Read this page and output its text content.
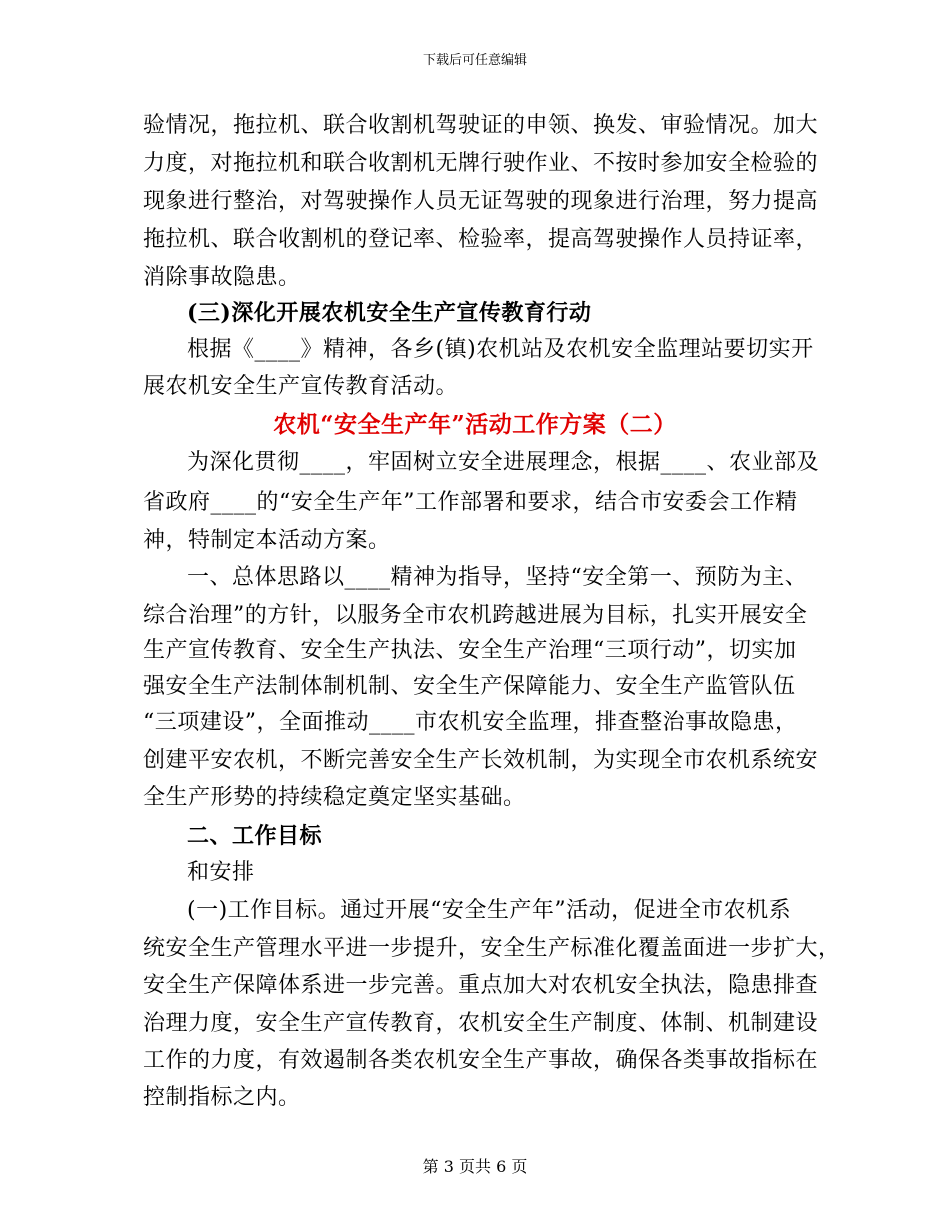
下载后可任意编辑
验情况，拖拉机、联合收割机驾驶证的申领、换发、审验情况。加大
力度，对拖拉机和联合收割机无牌行驶作业、不按时参加安全检验的
现象进行整治，对驾驶操作人员无证驾驶的现象进行治理，努力提高
拖拉机、联合收割机的登记率、检验率，提高驾驶操作人员持证率，
消除事故隐患。
(三)深化开展农机安全生产宣传教育行动
根据《____》精神，各乡(镇)农机站及农机安全监理站要切实开
展农机安全生产宣传教育活动。
农机“安全生产年”活动工作方案（二）
为深化贯彻____，牢固树立安全进展理念，根据____、农业部及
省政府____的“安全生产年”工作部署和要求，结合市安委会工作精
神，特制定本活动方案。
一、总体思路以____精神为指导，坚持“安全第一、预防为主、
综合治理”的方针，以服务全市农机跨越进展为目标，扎实开展安全
生产宣传教育、安全生产执法、安全生产治理“三项行动”，切实加
强安全生产法制体制机制、安全生产保障能力、安全生产监管队伍
“三项建设”，全面推动____市农机安全监理，排查整治事故隐患，
创建平安农机，不断完善安全生产长效机制，为实现全市农机系统安
全生产形势的持续稳定奠定坚实基础。
二、工作目标
和安排
(一)工作目标。通过开展“安全生产年”活动，促进全市农机系
统安全生产管理水平进一步提升，安全生产标准化覆盖面进一步扩大，
安全生产保障体系进一步完善。重点加大对农机安全执法，隐患排查
治理力度，安全生产宣传教育，农机安全生产制度、体制、机制建设
工作的力度，有效遏制各类农机安全生产事故，确保各类事故指标在
控制指标之内。
第 3 页共 6 页
